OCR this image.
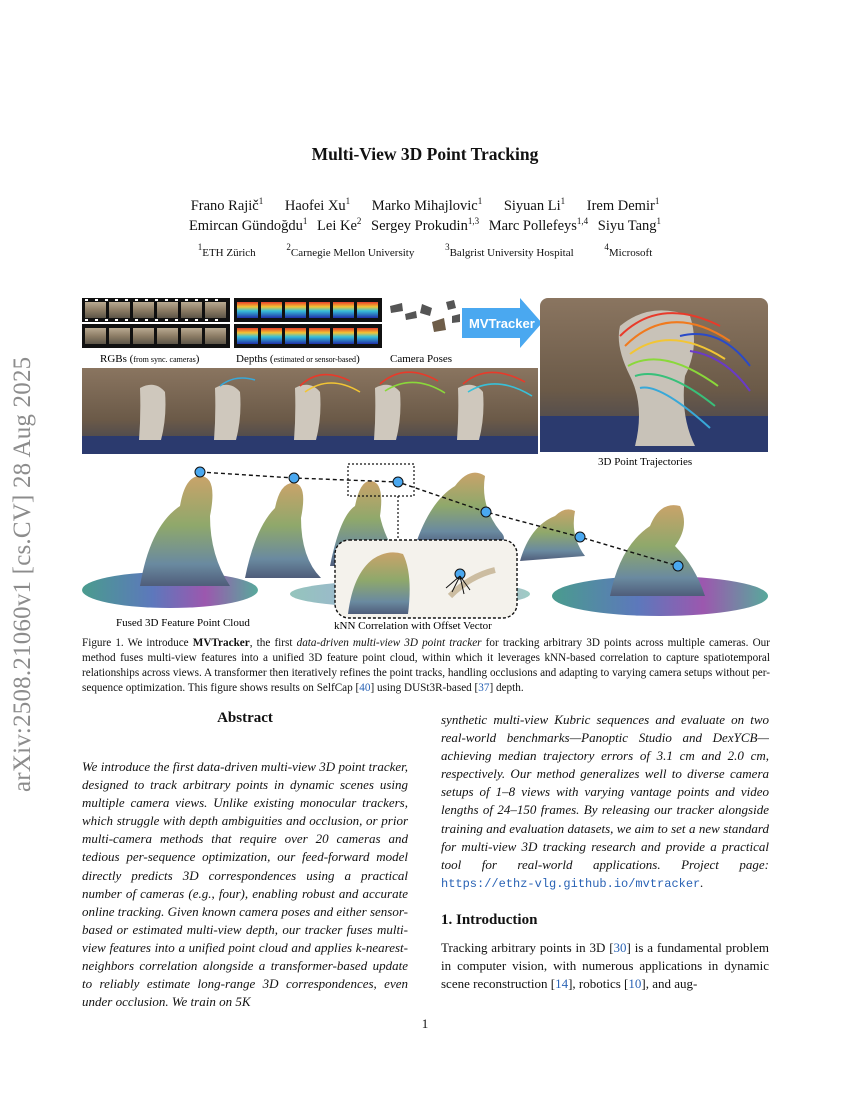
Multi-View 3D Point Tracking
Frano Rajič$^1$ Haofei Xu$^1$ Marko Mihajlovic$^1$ Siyuan Li$^1$ Irem Demir$^1$
Emircan Gündoğdu$^1$ Lei Ke$^2$ Sergey Prokudin$^{1,3}$ Marc Pollefeys$^{1,4}$ Siyu Tang$^1$
$^1$ETH Zürich	$^2$Carnegie Mellon University	$^3$Balgrist University Hospital	$^4$Microsoft
arXiv:2508.21060v1 [cs.CV] 28 Aug 2025
MVTracker
RGBs (from sync. cameras)	Depths (estimated or sensor-based)	Camera Poses
3D Point Trajectories
Fused 3D Feature Point Cloud	kNN Correlation with Offset Vector
Figure 1. We introduce MVTracker, the first data-driven multi-view 3D point tracker for tracking arbitrary 3D points across multiple cameras. Our method fuses multi-view features into a unified 3D feature point cloud, within which it leverages kNN-based correlation to capture spatiotemporal relationships across views. A transformer then iteratively refines the point tracks, handling occlusions and adapting to varying camera setups without per-sequence optimization. This figure shows results on SelfCap [40] using DUSt3R-based [37] depth.
Abstract
We introduce the first data-driven multi-view 3D point tracker, designed to track arbitrary points in dynamic scenes using multiple camera views. Unlike existing monocular trackers, which struggle with depth ambiguities and occlusion, or prior multi-camera methods that require over 20 cameras and tedious per-sequence optimization, our feed-forward model directly predicts 3D correspondences using a practical number of cameras (e.g., four), enabling robust and accurate online tracking. Given known camera poses and either sensor-based or estimated multi-view depth, our tracker fuses multi-view features into a unified point cloud and applies k-nearest-neighbors correlation alongside a transformer-based update to reliably estimate long-range 3D correspondences, even under occlusion. We train on 5K
synthetic multi-view Kubric sequences and evaluate on two real-world benchmarks—Panoptic Studio and DexYCB—achieving median trajectory errors of 3.1 cm and 2.0 cm, respectively. Our method generalizes well to diverse camera setups of 1–8 views with varying vantage points and video lengths of 24–150 frames. By releasing our tracker alongside training and evaluation datasets, we aim to set a new standard for multi-view 3D tracking research and provide a practical tool for real-world applications. Project page: https://ethz-vlg.github.io/mvtracker.
1. Introduction
Tracking arbitrary points in 3D [30] is a fundamental problem in computer vision, with numerous applications in dynamic scene reconstruction [14], robotics [10], and aug-
1
